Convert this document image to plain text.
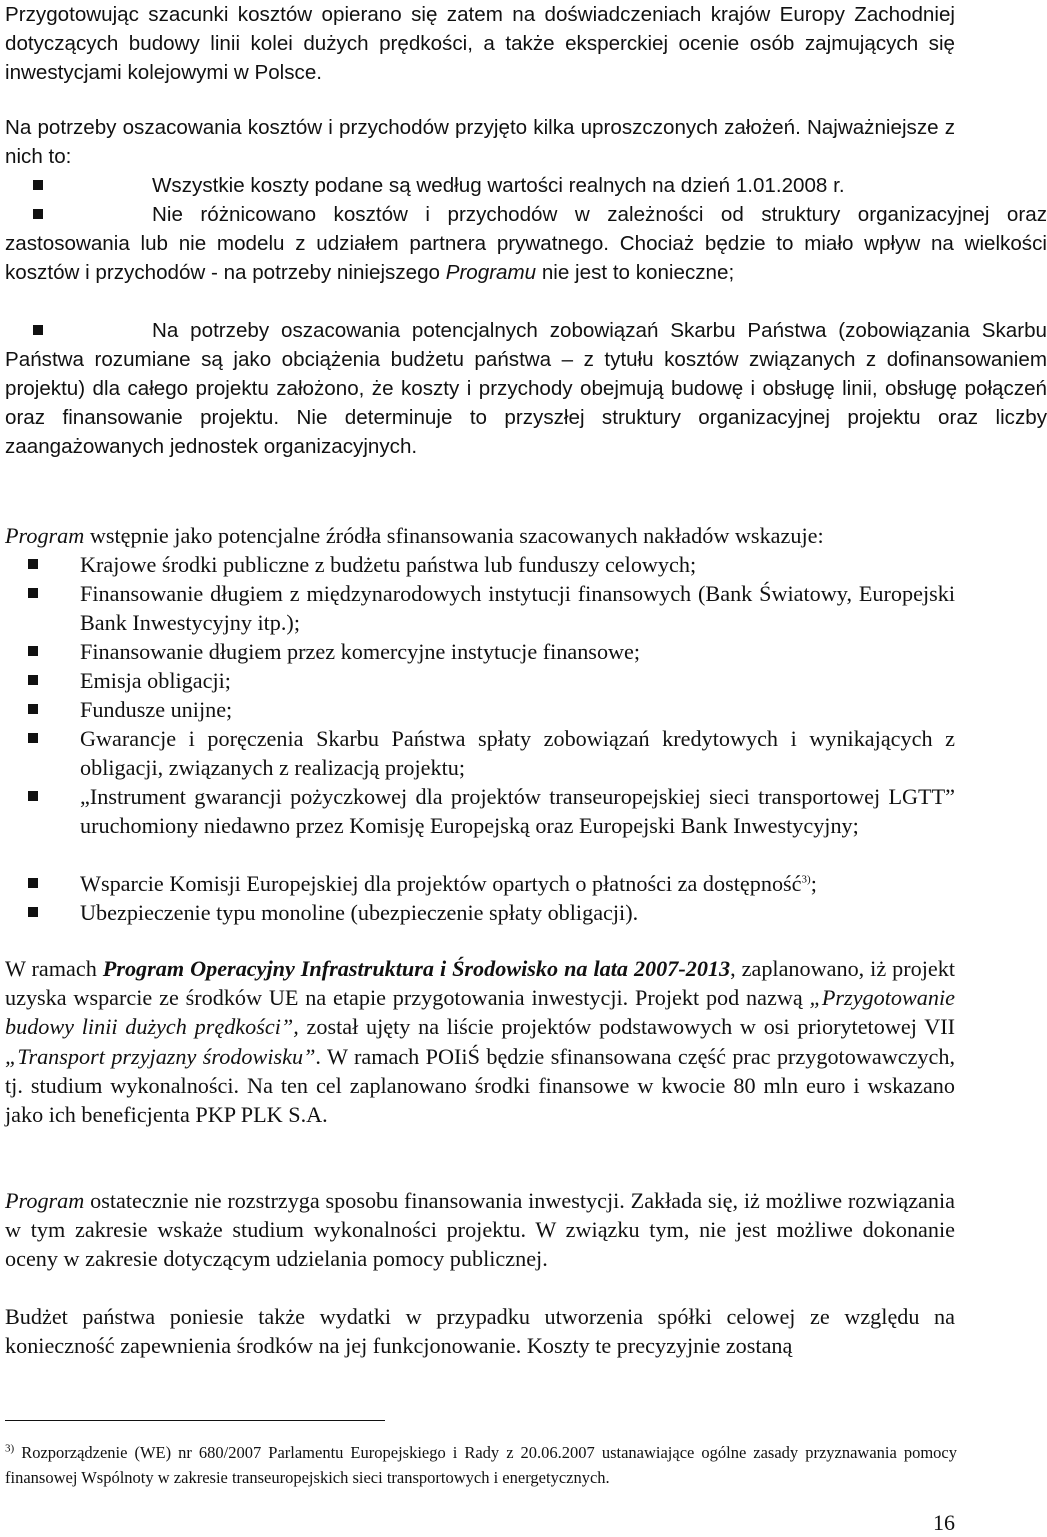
Przygotowując szacunki kosztów opierano się zatem na doświadczeniach krajów Europy Zachodniej dotyczących budowy linii kolei dużych prędkości, a także eksperckiej ocenie osób zajmujących się inwestycjami kolejowymi w Polsce.

Na potrzeby oszacowania kosztów i przychodów przyjęto kilka uproszczonych założeń. Najważniejsze z nich to:

Wszystkie koszty podane są według wartości realnych na dzień 1.01.2008 r.

Nie różnicowano kosztów i przychodów w zależności od struktury organizacyjnej oraz zastosowania lub nie modelu z udziałem partnera prywatnego. Chociaż będzie to miało wpływ na wielkości kosztów i przychodów - na potrzeby niniejszego Programu nie jest to konieczne;

Na potrzeby oszacowania potencjalnych zobowiązań Skarbu Państwa (zobowiązania Skarbu Państwa rozumiane są jako obciążenia budżetu państwa – z tytułu kosztów związanych z dofinansowaniem projektu) dla całego projektu założono, że koszty i przychody obejmują budowę i obsługę linii, obsługę połączeń oraz finansowanie projektu. Nie determinuje to przyszłej struktury organizacyjnej projektu oraz liczby zaangażowanych jednostek organizacyjnych.

Program wstępnie jako potencjalne źródła sfinansowania szacowanych nakładów wskazuje:

Krajowe środki publiczne z budżetu państwa lub funduszy celowych;

Finansowanie długiem z międzynarodowych instytucji finansowych (Bank Światowy, Europejski Bank Inwestycyjny itp.);

Finansowanie długiem przez komercyjne instytucje finansowe;

Emisja obligacji;

Fundusze unijne;

Gwarancje i poręczenia Skarbu Państwa spłaty zobowiązań kredytowych i wynikających z obligacji, związanych z realizacją projektu;

„Instrument gwarancji pożyczkowej dla projektów transeuropejskiej sieci transportowej LGTT” uruchomiony niedawno przez Komisję Europejską oraz Europejski Bank Inwestycyjny;

Wsparcie Komisji Europejskiej dla projektów opartych o płatności za dostępność$^{3)}$;

Ubezpieczenie typu monoline (ubezpieczenie spłaty obligacji).

W ramach Program Operacyjny Infrastruktura i Środowisko na lata 2007-2013, zaplanowano, iż projekt uzyska wsparcie ze środków UE na etapie przygotowania inwestycji. Projekt pod nazwą „Przygotowanie budowy linii dużych prędkości”, został ujęty na liście projektów podstawowych w osi priorytetowej VII „Transport przyjazny środowisku”. W ramach POIiŚ będzie sfinansowana część prac przygotowawczych, tj. studium wykonalności. Na ten cel zaplanowano środki finansowe w kwocie 80 mln euro i wskazano jako ich beneficjenta PKP PLK S.A.

Program ostatecznie nie rozstrzyga sposobu finansowania inwestycji. Zakłada się, iż możliwe rozwiązania w tym zakresie wskaże studium wykonalności projektu. W związku tym, nie jest możliwe dokonanie oceny w zakresie dotyczącym udzielania pomocy publicznej.

Budżet państwa poniesie także wydatki w przypadku utworzenia spółki celowej ze względu na konieczność zapewnienia środków na jej funkcjonowanie. Koszty te precyzyjnie zostaną

$^{3)}$ Rozporządzenie (WE) nr 680/2007 Parlamentu Europejskiego i Rady z 20.06.2007 ustanawiające ogólne zasady przyznawania pomocy finansowej Wspólnoty w zakresie transeuropejskich sieci transportowych i energetycznych.

16
